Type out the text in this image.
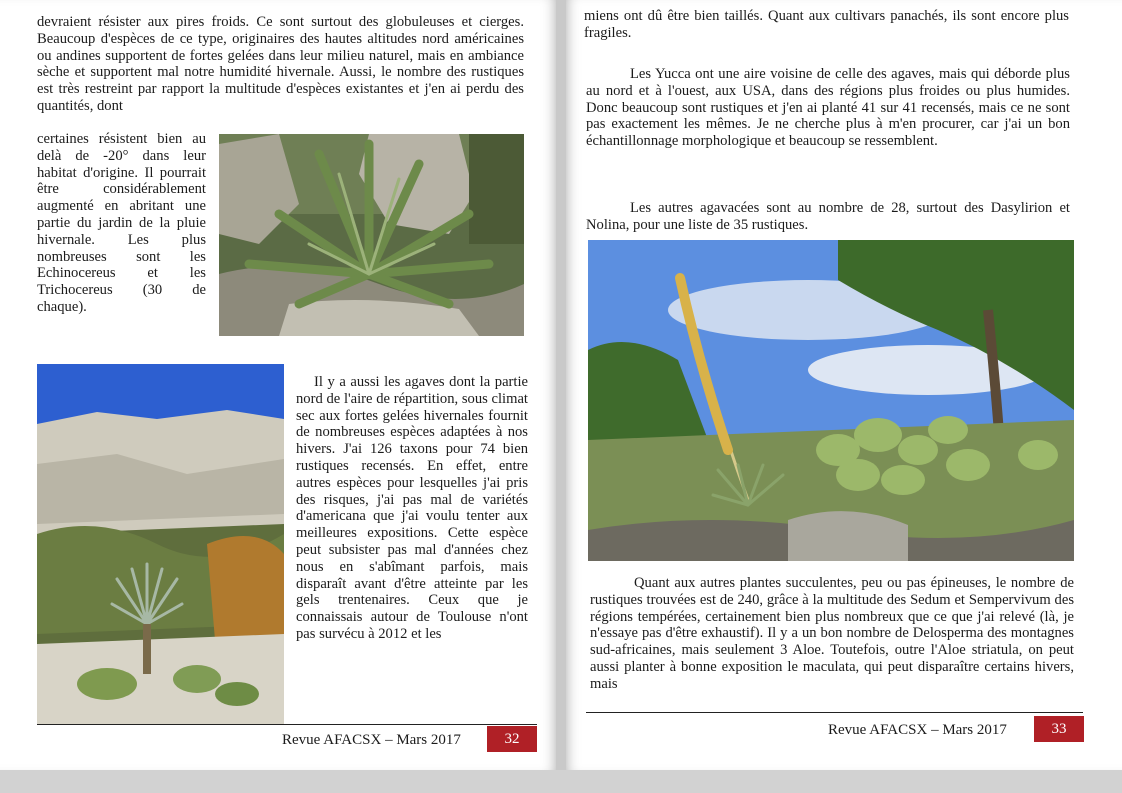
devraient résister aux pires froids. Ce sont surtout des globuleuses et cierges. Beaucoup d'espèces de ce type, originaires des hautes altitudes nord américaines ou andines supportent de fortes gelées dans leur milieu naturel, mais en ambiance sèche et supportent mal notre humidité hivernale. Aussi, le nombre des rustiques est très restreint par rapport la multitude d'espèces existantes et j'en ai perdu des quantités, dont

certaines résistent bien au delà de -20° dans leur habitat d'origine. Il pourrait être considérablement augmenté en abritant une partie du jardin de la pluie hivernale. Les plus nombreuses sont les Echinocereus et les Trichocereus (30 de chaque).

Il y a aussi les agaves dont la partie nord de l'aire de répartition, sous climat sec aux fortes gelées hivernales fournit de nombreuses espèces adaptées à nos hivers. J'ai 126 taxons pour 74 bien rustiques recensés. En effet, entre autres espèces pour lesquelles j'ai pris des risques, j'ai pas mal de variétés d'americana que j'ai voulu tenter aux meilleures expositions. Cette espèce peut subsister pas mal d'années chez nous en s'abîmant parfois, mais disparaît avant d'être atteinte par les gels trentenaires. Ceux que je connaissais autour de Toulouse n'ont pas survécu à 2012 et les

Revue AFACSX – Mars 2017	32

miens ont dû être bien taillés. Quant aux cultivars panachés, ils sont encore plus fragiles.

Les Yucca ont une aire voisine de celle des agaves, mais qui déborde plus au nord et à l'ouest, aux USA, dans des régions plus froides ou plus humides. Donc beaucoup sont rustiques et j'en ai planté 41 sur 41 recensés, mais ce ne sont pas exactement les mêmes. Je ne cherche plus à m'en procurer, car j'ai un bon échantillonnage morphologique et beaucoup se ressemblent.

Les autres agavacées sont au nombre de 28, surtout des Dasylirion et Nolina, pour une liste de 35 rustiques.

Quant aux autres plantes succulentes, peu ou pas épineuses, le nombre de rustiques trouvées est de 240, grâce à la multitude des Sedum et Sempervivum des régions tempérées, certainement bien plus nombreux que ce que j'ai relevé (là, je n'essaye pas d'être exhaustif). Il y a un bon nombre de Delosperma des montagnes sud-africaines, mais seulement 3 Aloe. Toutefois, outre l'Aloe striatula, on peut aussi planter à bonne exposition le maculata, qui peut disparaître certains hivers, mais

Revue AFACSX – Mars 2017	33
